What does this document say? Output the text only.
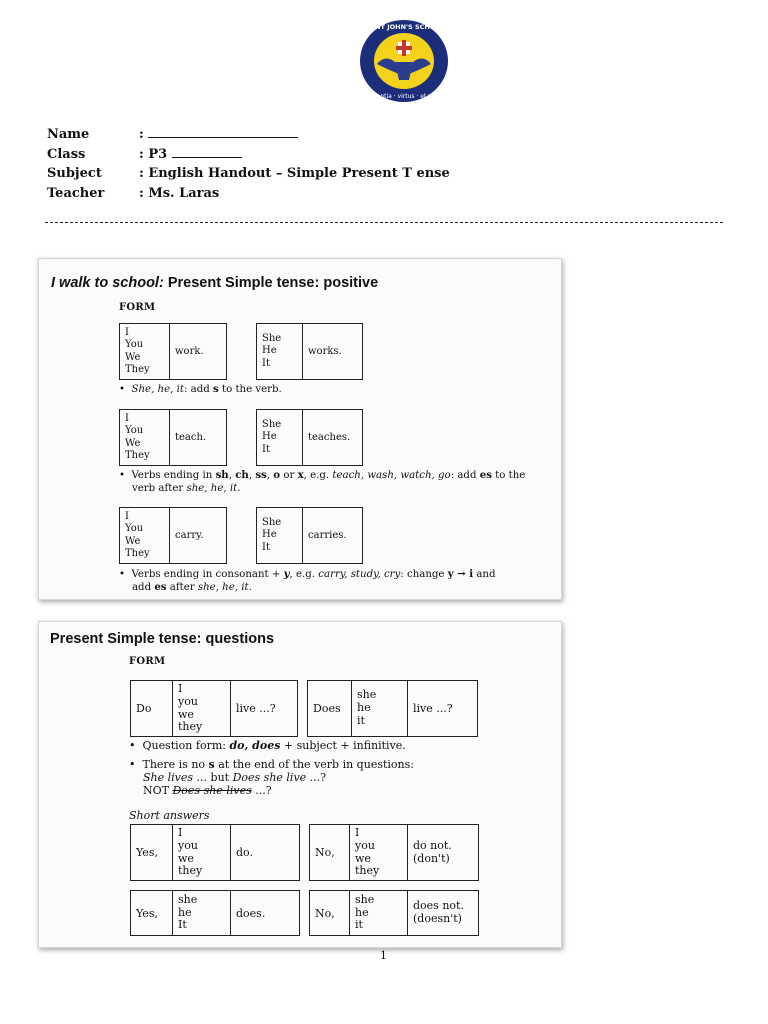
scientia · virtus · et vita
SAINT JOHN'S SCHOOL
Name	:
Class	: P3
Subject	: English Handout – Simple Present T ense
Teacher	: Ms. Laras
I walk to school: Present Simple tense: positive
FORM
I
You
We
They	work.
She
He
It	works.
•  She, he, it: add s to the verb.
I
You
We
They	teach.
She
He
It	teaches.
•  Verbs ending in sh, ch, ss, o or x, e.g. teach, wash, watch, go: add es to the
verb after she, he, it.
I
You
We
They	carry.
She
He
It	carries.
•  Verbs ending in consonant + y, e.g. carry, study, cry: change y → i and
add es after she, he, it.
Present Simple tense: questions
FORM
Do	I
you
we
they	live ...?	Does	she
he
it	live ...?
•  Question form: do, does + subject + infinitive.
•  There is no s at the end of the verb in questions:
She lives ... but Does she live ...?
NOT Does she lives ...?
Short answers
Yes,	I
you
we
they	do.	No,	I
you
we
they	do not.
(don't)
Yes,	she
he
It	does.	No,	she
he
it	does not.
(doesn't)
1
